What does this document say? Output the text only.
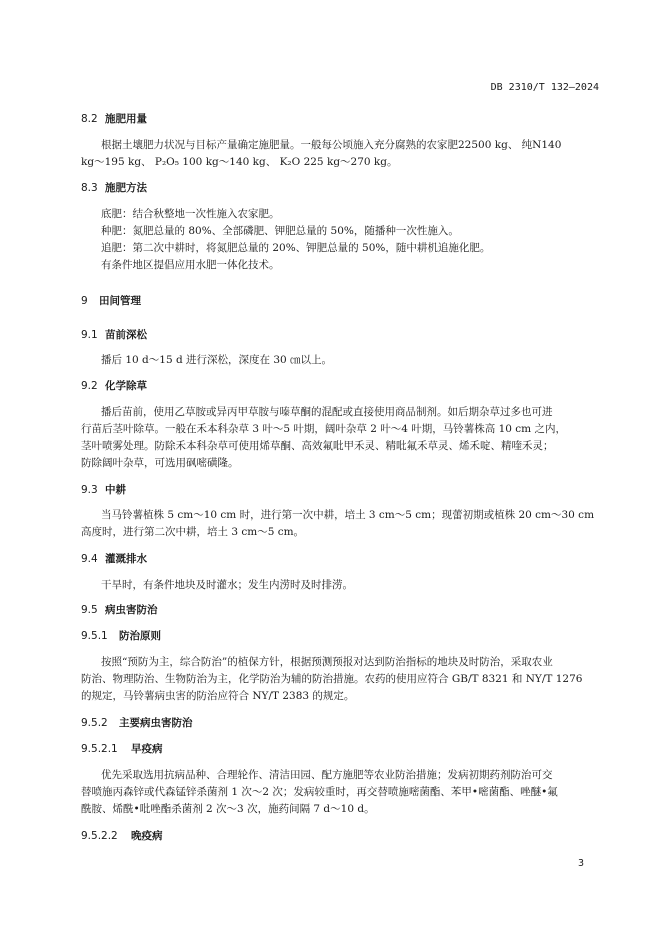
DB 2310/T 132—2024
8.2 施肥用量
根据土壤肥力状况与目标产量确定施肥量。一般每公顷施入充分腐熟的农家肥22500 kg、 纯N140
kg～195 kg、 P₂O₅ 100 kg～140 kg、 K₂O 225 kg～270 kg。
8.3 施肥方法
底肥：结合秋整地一次性施入农家肥。
种肥：氮肥总量的 80%、全部磷肥、钾肥总量的 50%，随播种一次性施入。
追肥：第二次中耕时，将氮肥总量的 20%、钾肥总量的 50%，随中耕机追施化肥。
有条件地区提倡应用水肥一体化技术。
9 田间管理
9.1 苗前深松
播后 10 d～15 d 进行深松，深度在 30 ㎝以上。
9.2 化学除草
播后苗前，使用乙草胺或异丙甲草胺与嗪草酮的混配或直接使用商品制剂。如后期杂草过多也可进
行苗后茎叶除草。一般在禾本科杂草 3 叶～5 叶期，阔叶杂草 2 叶～4 叶期，马铃薯株高 10 cm 之内，
茎叶喷雾处理。防除禾本科杂草可使用烯草酮、高效氟吡甲禾灵、精吡氟禾草灵、烯禾啶、精喹禾灵；
防除阔叶杂草，可选用砜嘧磺隆。
9.3 中耕
当马铃薯植株 5 cm～10 cm 时，进行第一次中耕，培土 3 cm～5 cm；现蕾初期或植株 20 cm～30 cm
高度时，进行第二次中耕，培土 3 cm～5 cm。
9.4 灌溉排水
干旱时，有条件地块及时灌水；发生内涝时及时排涝。
9.5 病虫害防治
9.5.1 防治原则
按照“预防为主，综合防治”的植保方针，根据预测预报对达到防治指标的地块及时防治，采取农业
防治、物理防治、生物防治为主，化学防治为辅的防治措施。农药的使用应符合 GB/T 8321 和 NY/T 1276
的规定，马铃薯病虫害的防治应符合 NY/T 2383 的规定。
9.5.2 主要病虫害防治
9.5.2.1 早疫病
优先采取选用抗病品种、合理轮作、清洁田园、配方施肥等农业防治措施；发病初期药剂防治可交
替喷施丙森锌或代森锰锌杀菌剂 1 次～2 次；发病较重时，再交替喷施嘧菌酯、苯甲•嘧菌酯、唑醚•氟
酰胺、烯酰•吡唑酯杀菌剂 2 次～3 次，施药间隔 7 d～10 d。
9.5.2.2 晚疫病
3
